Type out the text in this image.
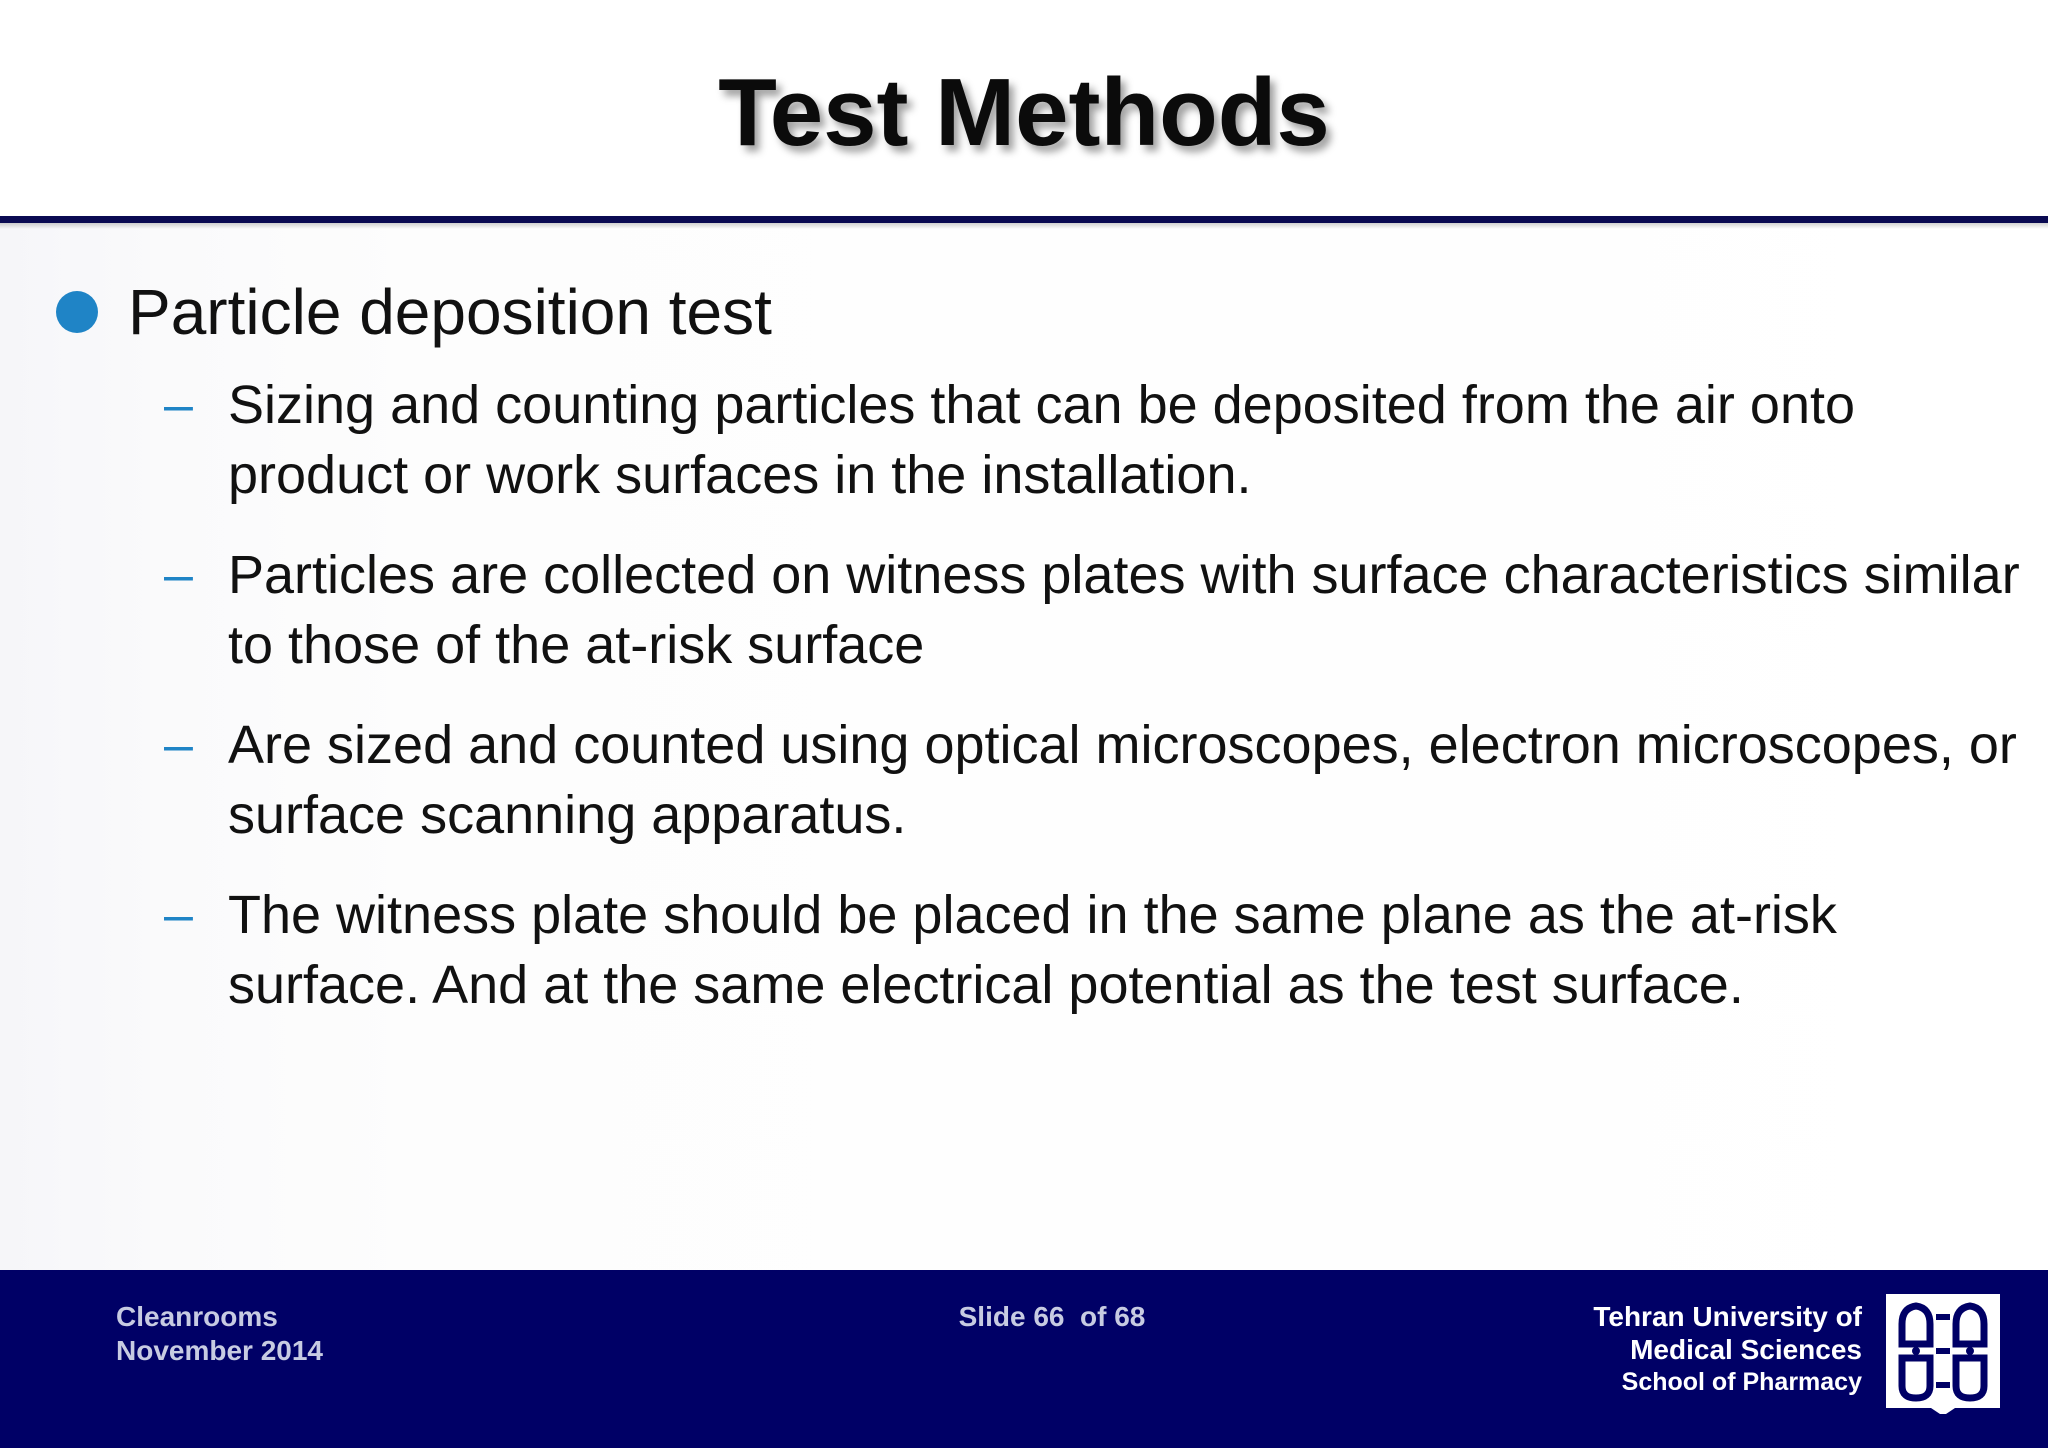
Test Methods
Particle deposition test
– Sizing and counting particles that can be deposited from the air onto product or work surfaces in the installation.
– Particles are collected on witness plates with surface characteristics similar to those of the at-risk surface
– Are sized and counted using optical microscopes, electron microscopes, or surface scanning apparatus.
– The witness plate should be placed in the same plane as the at-risk surface. And at the same electrical potential as the test surface.
Cleanrooms
November 2014
Slide 66  of 68	Tehran University of
Medical Sciences
School of Pharmacy
